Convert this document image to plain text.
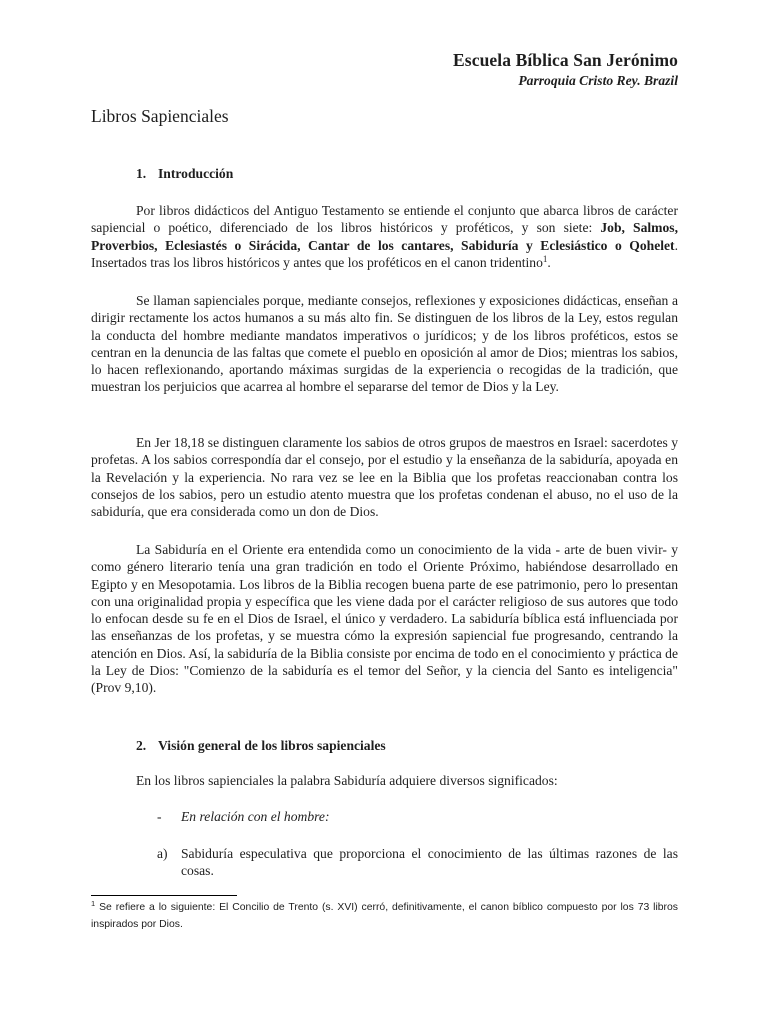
Escuela Bíblica San Jerónimo
Parroquia Cristo Rey. Brazil
Libros Sapienciales
1. Introducción

Por libros didácticos del Antiguo Testamento se entiende el conjunto que abarca libros de carácter sapiencial o poético, diferenciado de los libros históricos y proféticos, y son siete: Job, Salmos, Proverbios, Eclesiastés o Sirácida, Cantar de los cantares, Sabiduría y Eclesiástico o Qohelet. Insertados tras los libros históricos y antes que los proféticos en el canon tridentino$^1$.

Se llaman sapienciales porque, mediante consejos, reflexiones y exposiciones didácticas, enseñan a dirigir rectamente los actos humanos a su más alto fin. Se distinguen de los libros de la Ley, estos regulan la conducta del hombre mediante mandatos imperativos o jurídicos; y de los libros proféticos, estos se centran en la denuncia de las faltas que comete el pueblo en oposición al amor de Dios; mientras los sabios, lo hacen reflexionando, aportando máximas surgidas de la experiencia o recogidas de la tradición, que muestran los perjuicios que acarrea al hombre el separarse del temor de Dios y la Ley.

En Jer 18,18 se distinguen claramente los sabios de otros grupos de maestros en Israel: sacerdotes y profetas. A los sabios correspondía dar el consejo, por el estudio y la enseñanza de la sabiduría, apoyada en la Revelación y la experiencia. No rara vez se lee en la Biblia que los profetas reaccionaban contra los consejos de los sabios, pero un estudio atento muestra que los profetas condenan el abuso, no el uso de la sabiduría, que era considerada como un don de Dios.

La Sabiduría en el Oriente era entendida como un conocimiento de la vida - arte de buen vivir- y como género literario tenía una gran tradición en todo el Oriente Próximo, habiéndose desarrollado en Egipto y en Mesopotamia. Los libros de la Biblia recogen buena parte de ese patrimonio, pero lo presentan con una originalidad propia y específica que les viene dada por el carácter religioso de sus autores que todo lo enfocan desde su fe en el Dios de Israel, el único y verdadero. La sabiduría bíblica está influenciada por las enseñanzas de los profetas, y se muestra cómo la expresión sapiencial fue progresando, centrando la atención en Dios. Así, la sabiduría de la Biblia consiste por encima de todo en el conocimiento y práctica de la Ley de Dios: "Comienzo de la sabiduría es el temor del Señor, y la ciencia del Santo es inteligencia" (Prov 9,10).

2. Visión general de los libros sapienciales
En los libros sapienciales la palabra Sabiduría adquiere diversos significados:
- En relación con el hombre:
a) Sabiduría especulativa que proporciona el conocimiento de las últimas razones de las cosas.

$^1$ Se refiere a lo siguiente: El Concilio de Trento (s. XVI) cerró, definitivamente, el canon bíblico compuesto por los 73 libros inspirados por Dios.
